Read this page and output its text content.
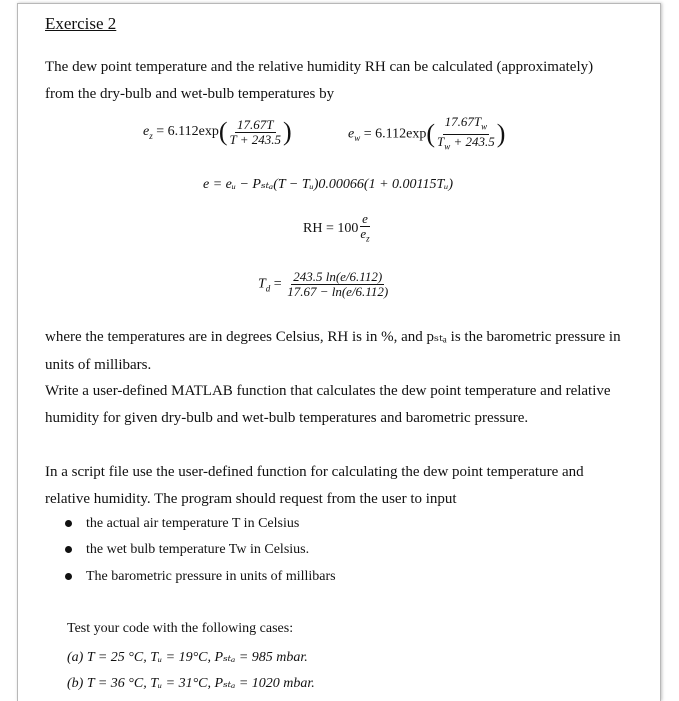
Exercise 2
The dew point temperature and the relative humidity RH can be calculated (approximately)
from the dry-bulb and wet-bulb temperatures by
$e_z = 6.112\exp( \frac{17.67T}{T + 243.5}$ )	$e_w = 6.112\exp( \frac{17.67T_w}{T_w + 243.5}$ )
e = eᵤ − Pₛₜₐ(T − Tᵤ)0.00066(1 + 0.00115Tᵤ)
RH = $100 \frac{e}{e_z}$
$T_d = \frac{243.5 \ln(e/6.112)}{17.67 - \ln(e/6.112)}$
where the temperatures are in degrees Celsius, RH is in %, and pₛₜₐ is the barometric pressure in
units of millibars.
Write a user-defined MATLAB function that calculates the dew point temperature and relative
humidity for given dry-bulb and wet-bulb temperatures and barometric pressure.
In a script file use the user-defined function for calculating the dew point temperature and
relative humidity. The program should request from the user to input
the actual air temperature T in Celsius
the wet bulb temperature Tw in Celsius.
The barometric pressure in units of millibars
Test your code with the following cases:
(a) T = 25 °C, Tᵤ = 19°C, Pₛₜₐ = 985 mbar.
(b) T = 36 °C, Tᵤ = 31°C, Pₛₜₐ = 1020 mbar.
